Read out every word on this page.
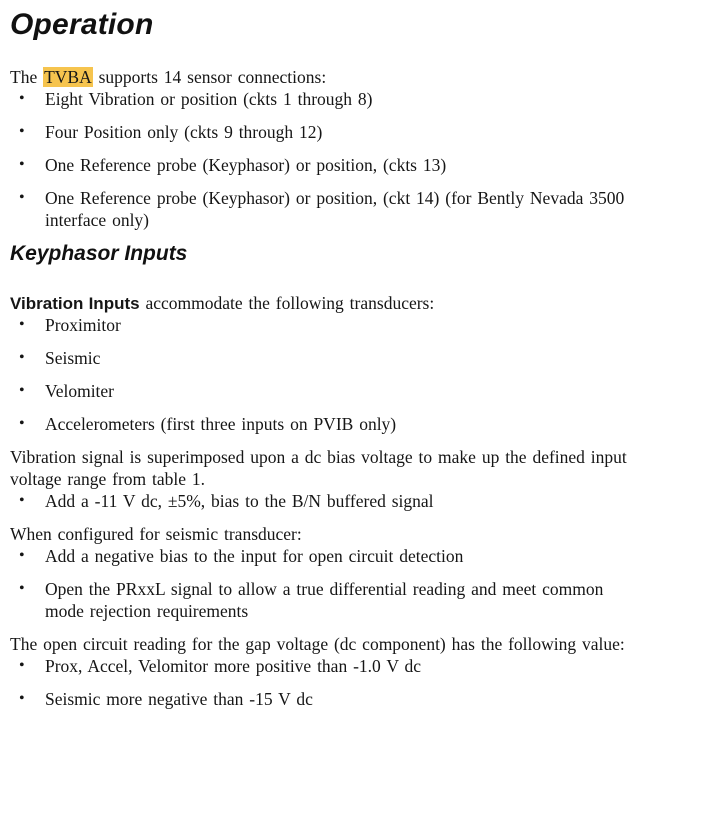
Operation

The TVBA supports 14 sensor connections:

•	Eight Vibration or position (ckts 1 through 8)
•	Four Position only (ckts 9 through 12)
•	One Reference probe (Keyphasor) or position, (ckts 13)
•	One Reference probe (Keyphasor) or position, (ckt 14) (for Bently Nevada 3500
interface only)
Keyphasor Inputs

Vibration Inputs accommodate the following transducers:

•	Proximitor
•	Seismic
•	Velomiter
•	Accelerometers (first three inputs on PVIB only)

Vibration signal is superimposed upon a dc bias voltage to make up the defined input
voltage range from table 1.

•	Add a -11 V dc, ±5%, bias to the B/N buffered signal

When configured for seismic transducer:

•	Add a negative bias to the input for open circuit detection
•	Open the PRxxL signal to allow a true differential reading and meet common
mode rejection requirements

The open circuit reading for the gap voltage (dc component) has the following value:

•	Prox, Accel, Velomitor more positive than -1.0 V dc
•	Seismic more negative than -15 V dc
